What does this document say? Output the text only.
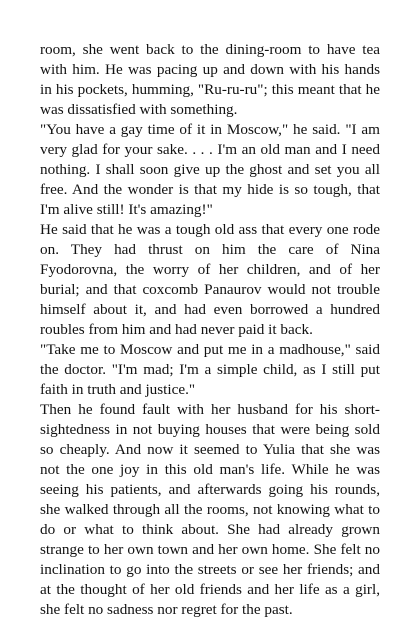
room, she went back to the dining-room to have tea with him. He was pacing up and down with his hands in his pockets, humming, "Ru-ru-ru"; this meant that he was dissatisfied with something.

"You have a gay time of it in Moscow," he said. "I am very glad for your sake. . . . I'm an old man and I need nothing. I shall soon give up the ghost and set you all free. And the wonder is that my hide is so tough, that I'm alive still! It's amazing!"

He said that he was a tough old ass that every one rode on. They had thrust on him the care of Nina Fyodorovna, the worry of her children, and of her burial; and that coxcomb Panaurov would not trouble himself about it, and had even borrowed a hundred roubles from him and had never paid it back.

"Take me to Moscow and put me in a madhouse," said the doctor. "I'm mad; I'm a simple child, as I still put faith in truth and justice."

Then he found fault with her husband for his short-sightedness in not buying houses that were being sold so cheaply. And now it seemed to Yulia that she was not the one joy in this old man's life. While he was seeing his patients, and afterwards going his rounds, she walked through all the rooms, not knowing what to do or what to think about. She had already grown strange to her own town and her own home. She felt no inclination to go into the streets or see her friends; and at the thought of her old friends and her life as a girl, she felt no sadness nor regret for the past.
